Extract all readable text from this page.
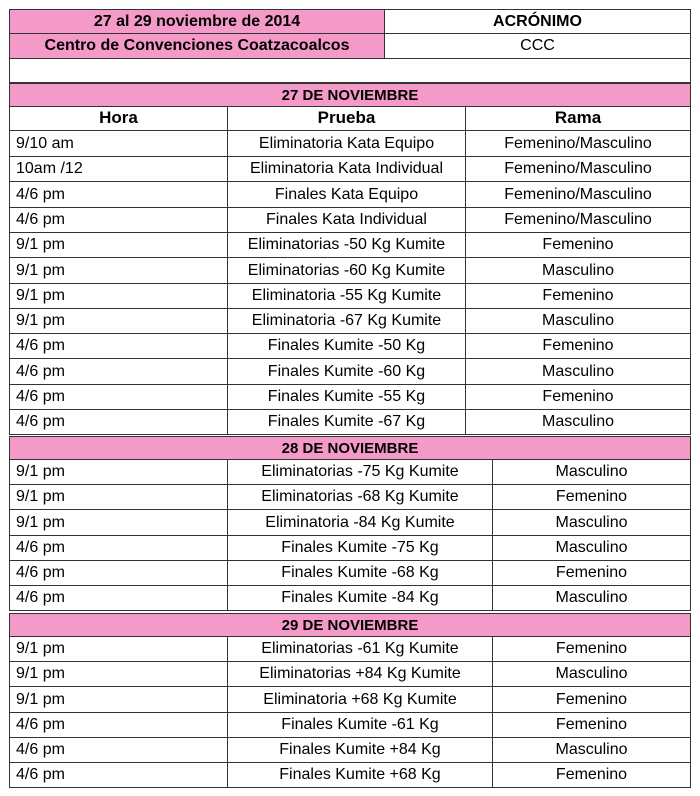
27 al 29 noviembre de 2014	ACRÓNIMO
Centro de Convenciones Coatzacoalcos	CCC
27 DE NOVIEMBRE
Hora	Prueba	Rama
9/10 am	Eliminatoria Kata Equipo	Femenino/Masculino
10am /12	Eliminatoria Kata Individual	Femenino/Masculino
4/6 pm	Finales Kata Equipo	Femenino/Masculino
4/6 pm	Finales Kata Individual	Femenino/Masculino
9/1 pm	Eliminatorias -50 Kg Kumite	Femenino
9/1 pm	Eliminatorias -60 Kg Kumite	Masculino
9/1 pm	Eliminatoria -55 Kg Kumite	Femenino
9/1 pm	Eliminatoria -67 Kg Kumite	Masculino
4/6 pm	Finales Kumite -50 Kg	Femenino
4/6 pm	Finales Kumite -60 Kg	Masculino
4/6 pm	Finales Kumite -55 Kg	Femenino
4/6 pm	Finales Kumite -67 Kg	Masculino
28 DE NOVIEMBRE
9/1 pm	Eliminatorias -75 Kg Kumite	Masculino
9/1 pm	Eliminatorias -68 Kg Kumite	Femenino
9/1 pm	Eliminatoria -84 Kg Kumite	Masculino
4/6 pm	Finales Kumite -75 Kg	Masculino
4/6 pm	Finales Kumite -68 Kg	Femenino
4/6 pm	Finales Kumite -84 Kg	Masculino
29 DE NOVIEMBRE
9/1 pm	Eliminatorias -61 Kg Kumite	Femenino
9/1 pm	Eliminatorias +84 Kg Kumite	Masculino
9/1 pm	Eliminatoria +68 Kg Kumite	Femenino
4/6 pm	Finales Kumite -61 Kg	Femenino
4/6 pm	Finales Kumite +84 Kg	Masculino
4/6 pm	Finales Kumite +68 Kg	Femenino
